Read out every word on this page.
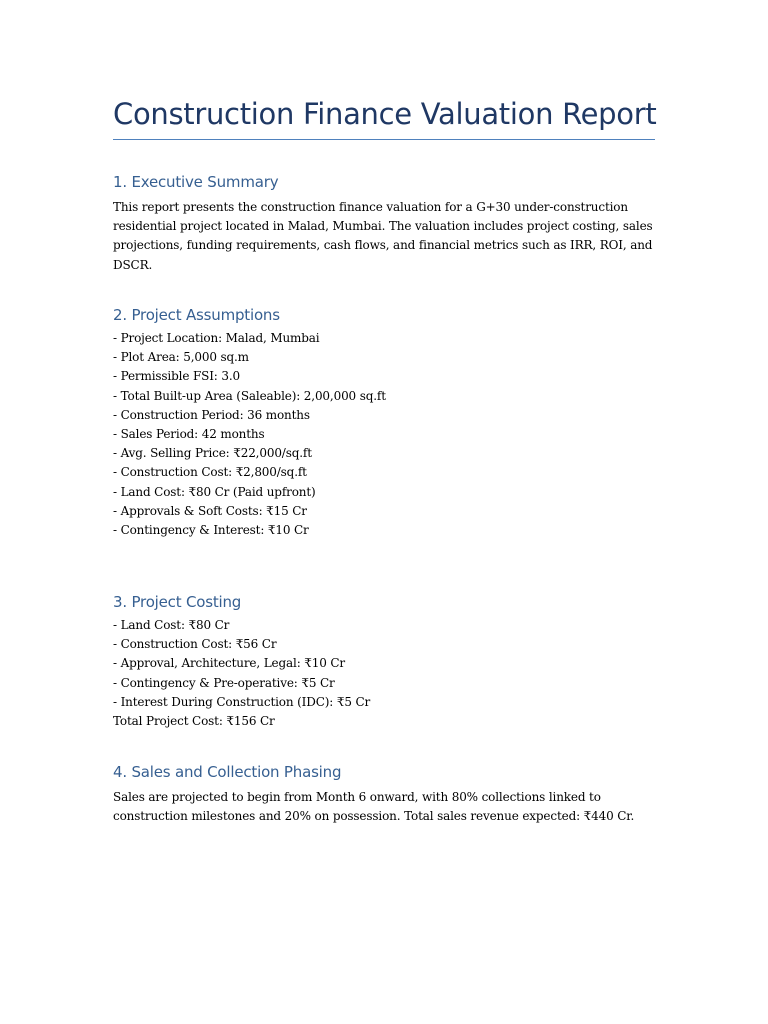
Construction Finance Valuation Report
1. Executive Summary

This report presents the construction finance valuation for a G+30 under-construction residential project located in Malad, Mumbai. The valuation includes project costing, sales projections, funding requirements, cash flows, and financial metrics such as IRR, ROI, and DSCR.

2. Project Assumptions
- Project Location: Malad, Mumbai
- Plot Area: 5,000 sq.m
- Permissible FSI: 3.0
- Total Built-up Area (Saleable): 2,00,000 sq.ft
- Construction Period: 36 months
- Sales Period: 42 months
- Avg. Selling Price: ₹22,000/sq.ft
- Construction Cost: ₹2,800/sq.ft
- Land Cost: ₹80 Cr (Paid upfront)
- Approvals & Soft Costs: ₹15 Cr
- Contingency & Interest: ₹10 Cr
3. Project Costing
- Land Cost: ₹80 Cr
- Construction Cost: ₹56 Cr
- Approval, Architecture, Legal: ₹10 Cr
- Contingency & Pre-operative: ₹5 Cr
- Interest During Construction (IDC): ₹5 Cr
Total Project Cost: ₹156 Cr
4. Sales and Collection Phasing

Sales are projected to begin from Month 6 onward, with 80% collections linked to construction milestones and 20% on possession. Total sales revenue expected: ₹440 Cr.
